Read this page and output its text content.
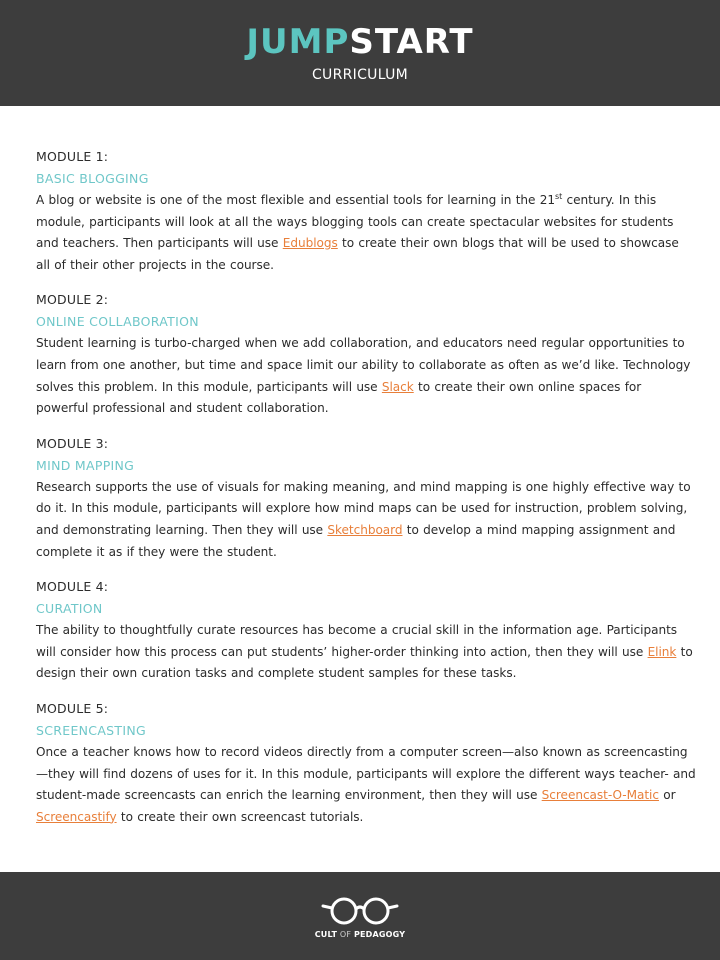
JUMPSTART
CURRICULUM
MODULE 1:
BASIC BLOGGING
A blog or website is one of the most flexible and essential tools for learning in the 21st century. In this module, participants will look at all the ways blogging tools can create spectacular websites for students and teachers. Then participants will use Edublogs to create their own blogs that will be used to showcase all of their other projects in the course.
MODULE 2:
ONLINE COLLABORATION
Student learning is turbo-charged when we add collaboration, and educators need regular opportunities to learn from one another, but time and space limit our ability to collaborate as often as we’d like. Technology solves this problem. In this module, participants will use Slack to create their own online spaces for powerful professional and student collaboration.
MODULE 3:
MIND MAPPING
Research supports the use of visuals for making meaning, and mind mapping is one highly effective way to do it. In this module, participants will explore how mind maps can be used for instruction, problem solving, and demonstrating learning. Then they will use Sketchboard to develop a mind mapping assignment and complete it as if they were the student.
MODULE 4:
CURATION
The ability to thoughtfully curate resources has become a crucial skill in the information age. Participants will consider how this process can put students’ higher-order thinking into action, then they will use Elink to design their own curation tasks and complete student samples for these tasks.
MODULE 5:
SCREENCASTING
Once a teacher knows how to record videos directly from a computer screen—also known as screencasting—they will find dozens of uses for it. In this module, participants will explore the different ways teacher- and student-made screencasts can enrich the learning environment, then they will use Screencast-O-Matic or Screencastify to create their own screencast tutorials.
CULT OF PEDAGOGY
